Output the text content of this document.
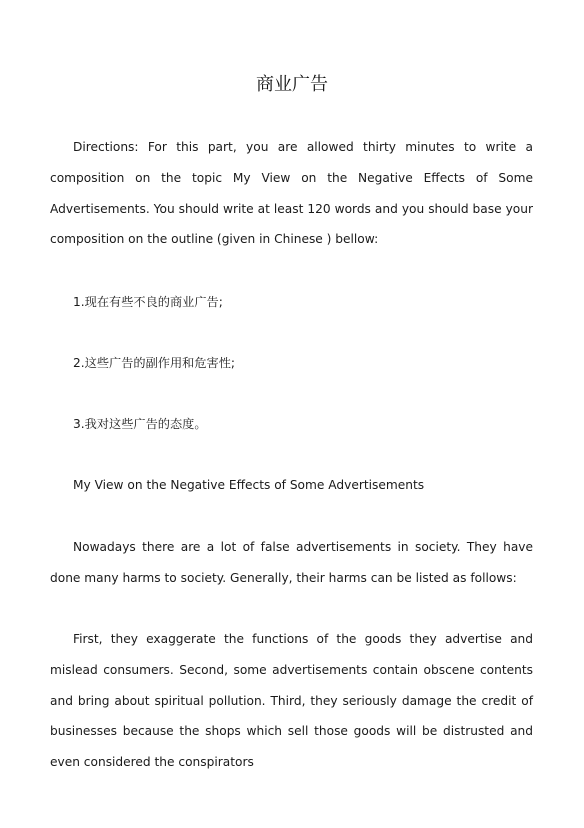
商业广告

Directions: For this part, you are allowed thirty minutes to write a composition on the topic My View on the Negative Effects of Some Advertisements. You should write at least 120 words and you should base your composition on the outline (given in Chinese ) bellow:

1.现在有些不良的商业广告;
2.这些广告的副作用和危害性;
3.我对这些广告的态度。

My View on the Negative Effects of Some Advertisements

Nowadays there are a lot of false advertisements in society. They have done many harms to society. Generally, their harms can be listed as follows:

First, they exaggerate the functions of the goods they advertise and mislead consumers. Second, some advertisements contain obscene contents and bring about spiritual pollution. Third, they seriously damage the credit of businesses because the shops which sell those goods will be distrusted and even considered the conspirators
